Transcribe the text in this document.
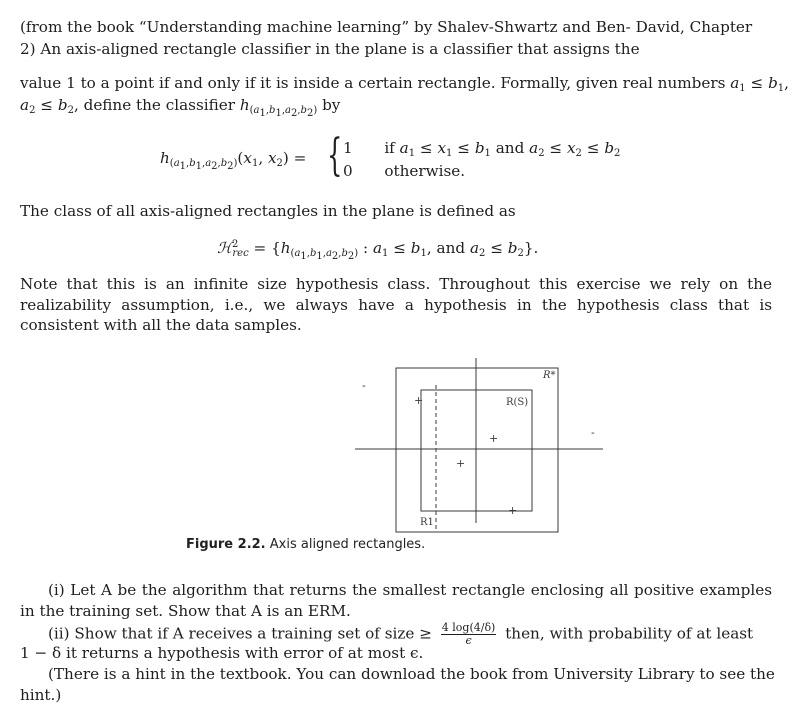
(from the book “Understanding machine learning” by Shalev-Shwartz and Ben- David, Chapter
2) An axis-aligned rectangle classifier in the plane is a classifier that assigns the
value 1 to a point if and only if it is inside a certain rectangle. Formally, given real numbers $a_1 \le b_1$,
$a_2 \le b_2$, define the classifier $h_{(a_1,b_1,a_2,b_2)}$ by
$h_{(a_1,b_1,a_2,b_2)}(x_1$, $x_2$) = { 1 if $a_1 \le x_1 \le b_1$ and $a_2 \le x_2 \le b_2$
0 otherwise.
The class of all axis-aligned rectangles in the plane is defined as
ℋ$^2_{rec}$ = {$h_{(a_1,b_1,a_2,b_2)}$ : $a_1 \le b_1$, and $a_2 \le b_2$}.
Note that this is an infinite size hypothesis class. Throughout this exercise we rely on the realizability assumption, i.e., we always have a hypothesis in the hypothesis class that is consistent with all the data samples.
+
+
+
+
-
-
R*
R(S)
R1
Figure 2.2. Axis aligned rectangles.
(i) Let A be the algorithm that returns the smallest rectangle enclosing all positive examples in the training set. Show that A is an ERM.
(ii) Show that if A receives a training set of size ≥ $\frac{4 \log(4/\delta)}{\epsilon}$ then, with probability of at least
1 − δ it returns a hypothesis with error of at most ϵ.
(There is a hint in the textbook. You can download the book from University Library to see the
hint.)
